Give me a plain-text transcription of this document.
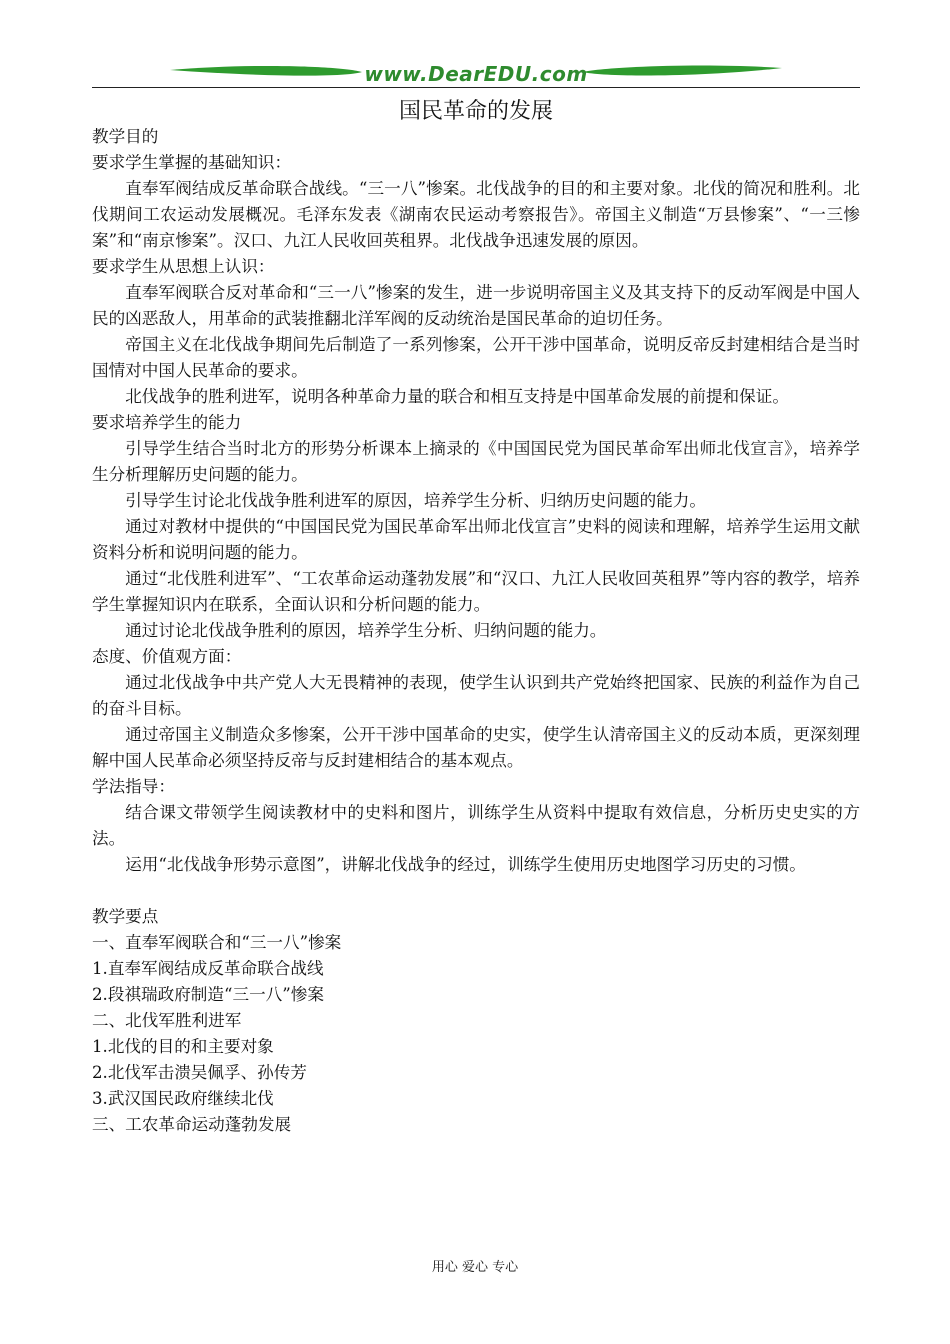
www.DearEDU.com
国民革命的发展
教学目的
要求学生掌握的基础知识：
直奉军阀结成反革命联合战线。“三一八”惨案。北伐战争的目的和主要对象。北伐的简况和胜利。北伐期间工农运动发展概况。毛泽东发表《湖南农民运动考察报告》。帝国主义制造“万县惨案”、“一三惨案”和“南京惨案”。汉口、九江人民收回英租界。北伐战争迅速发展的原因。
要求学生从思想上认识：
直奉军阀联合反对革命和“三一八”惨案的发生，进一步说明帝国主义及其支持下的反动军阀是中国人民的凶恶敌人，用革命的武装推翻北洋军阀的反动统治是国民革命的迫切任务。
帝国主义在北伐战争期间先后制造了一系列惨案，公开干涉中国革命，说明反帝反封建相结合是当时国情对中国人民革命的要求。
北伐战争的胜利进军，说明各种革命力量的联合和相互支持是中国革命发展的前提和保证。
要求培养学生的能力
引导学生结合当时北方的形势分析课本上摘录的《中国国民党为国民革命军出师北伐宣言》，培养学生分析理解历史问题的能力。
引导学生讨论北伐战争胜利进军的原因，培养学生分析、归纳历史问题的能力。
通过对教材中提供的“中国国民党为国民革命军出师北伐宣言”史料的阅读和理解，培养学生运用文献资料分析和说明问题的能力。
通过“北伐胜利进军”、“工农革命运动蓬勃发展”和“汉口、九江人民收回英租界”等内容的教学，培养学生掌握知识内在联系，全面认识和分析问题的能力。
通过讨论北伐战争胜利的原因，培养学生分析、归纳问题的能力。
态度、价值观方面：
通过北伐战争中共产党人大无畏精神的表现，使学生认识到共产党始终把国家、民族的利益作为自己的奋斗目标。
通过帝国主义制造众多惨案，公开干涉中国革命的史实，使学生认清帝国主义的反动本质，更深刻理解中国人民革命必须坚持反帝与反封建相结合的基本观点。
学法指导：
结合课文带领学生阅读教材中的史料和图片，训练学生从资料中提取有效信息，分析历史史实的方法。
运用“北伐战争形势示意图”，讲解北伐战争的经过，训练学生使用历史地图学习历史的习惯。
教学要点
一、直奉军阀联合和“三一八”惨案
1.直奉军阀结成反革命联合战线
2.段祺瑞政府制造“三一八”惨案
二、北伐军胜利进军
1.北伐的目的和主要对象
2.北伐军击溃吴佩孚、孙传芳
3.武汉国民政府继续北伐
三、工农革命运动蓬勃发展
用心 爱心 专心
